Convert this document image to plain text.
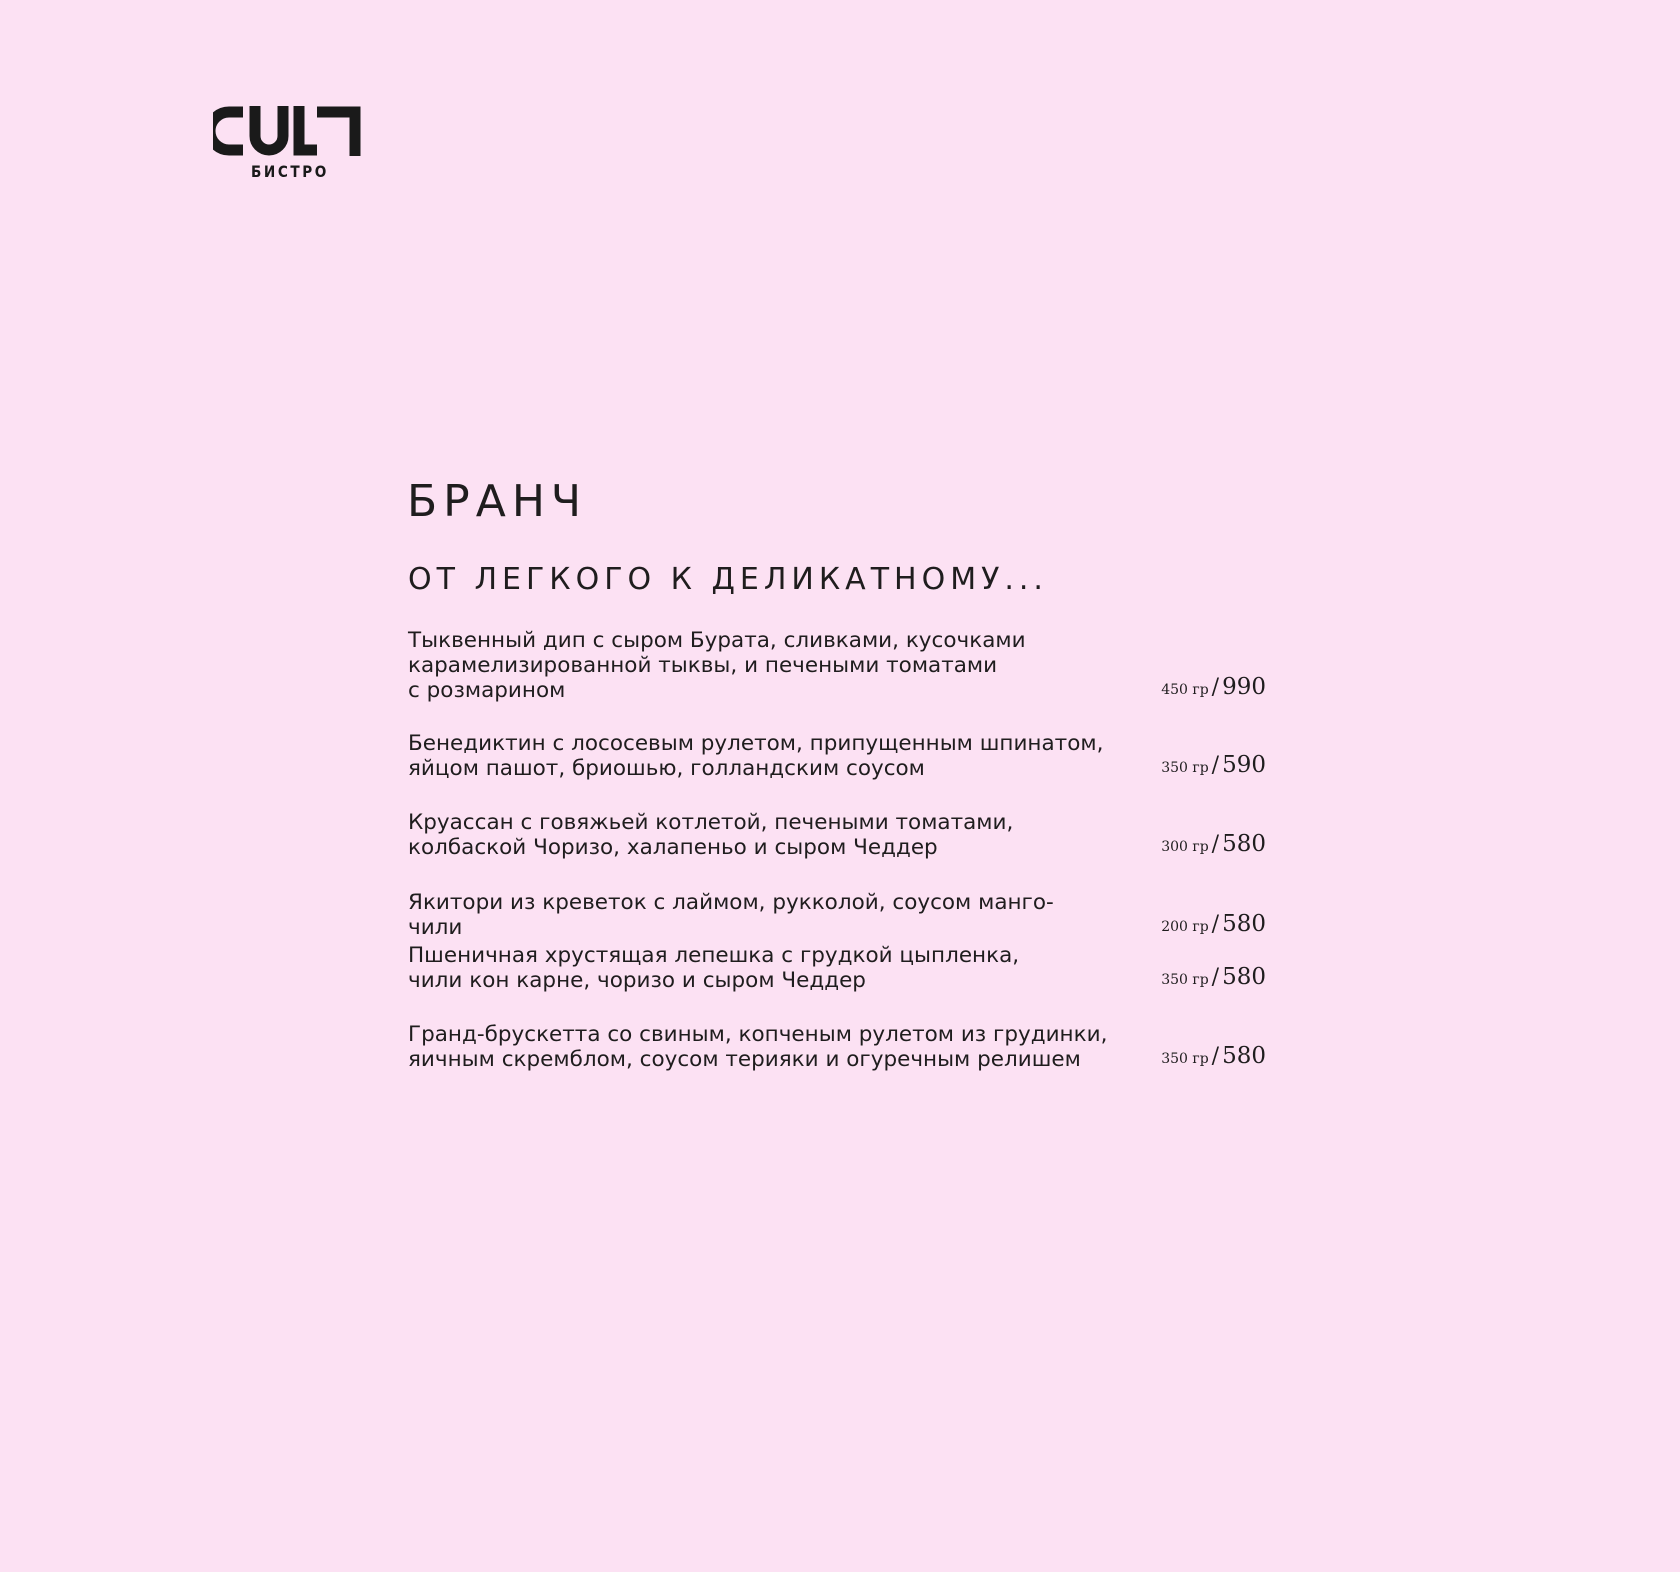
БИСТРО
БРАНЧ
ОТ ЛЕГКОГО К ДЕЛИКАТНОМУ...
Тыквенный дип с сыром Бурата, сливками, кусочками
карамелизированной тыквы, и печеными томатами
с розмарином	450 гр / 990
Бенедиктин с лососевым рулетом, припущенным шпинатом,
яйцом пашот, бриошью, голландским соусом	350 гр / 590
Круассан с говяжьей котлетой, печеными томатами,
колбаской Чоризо, халапеньо и сыром Чеддер	300 гр / 580
Якитори из креветок с лаймом, рукколой, соусом манго-чили	200 гр / 580
Пшеничная хрустящая лепешка с грудкой цыпленка,
чили кон карне, чоризо и сыром Чеддер	350 гр / 580
Гранд-брускетта со свиным, копченым рулетом из грудинки,
яичным скремблом, соусом терияки и огуречным релишем	350 гр / 580
